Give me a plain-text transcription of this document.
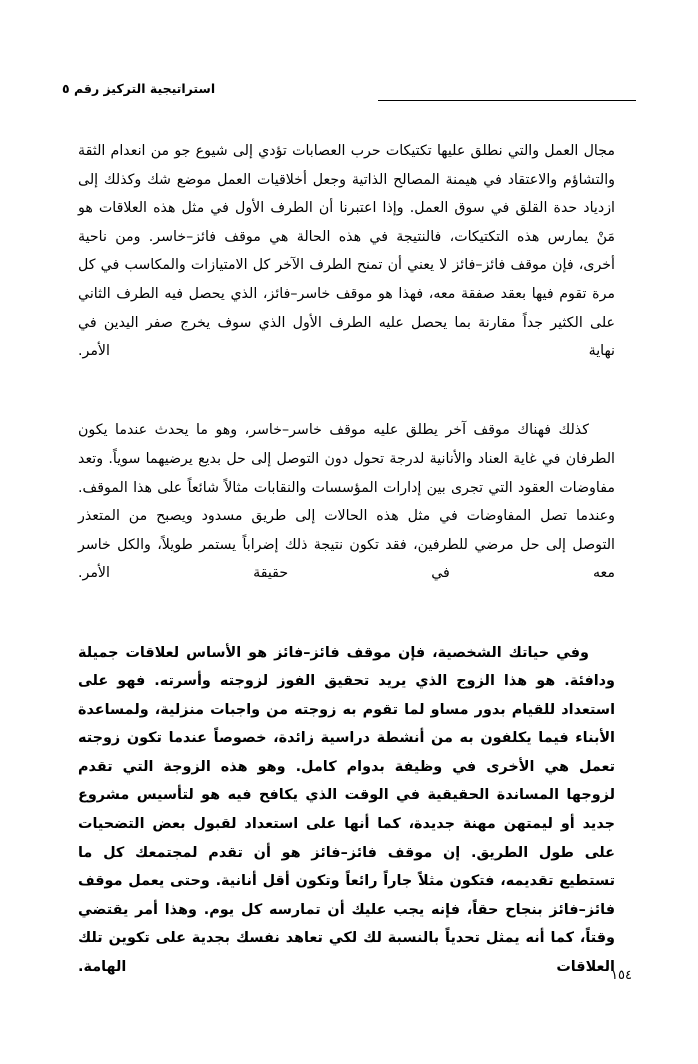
استراتيجية التركيز رقم ٥

مجال العمل والتي نطلق عليها تكتيكات حرب العصابات تؤدي إلى شيوع جو من انعدام الثقة والتشاؤم والاعتقاد في هيمنة المصالح الذاتية وجعل أخلاقيات العمل موضع شك وكذلك إلى ازدياد حدة القلق في سوق العمل. وإذا اعتبرنا أن الطرف الأول في مثل هذه العلاقات هو مَنْ يمارس هذه التكتيكات، فالنتيجة في هذه الحالة هي موقف فائز–خاسر. ومن ناحية أخرى، فإن موقف فائز–فائز لا يعني أن تمنح الطرف الآخر كل الامتيازات والمكاسب في كل مرة تقوم فيها بعقد صفقة معه، فهذا هو موقف خاسر–فائز، الذي يحصل فيه الطرف الثاني على الكثير جداً مقارنة بما يحصل عليه الطرف الأول الذي سوف يخرج صفر اليدين في نهاية الأمر.

كذلك فهناك موقف آخر يطلق عليه موقف خاسر–خاسر، وهو ما يحدث عندما يكون الطرفان في غاية العناد والأنانية لدرجة تحول دون التوصل إلى حل بديع يرضيهما سوياً. وتعد مفاوضات العقود التي تجرى بين إدارات المؤسسات والنقابات مثالاً شائعاً على هذا الموقف. وعندما تصل المفاوضات في مثل هذه الحالات إلى طريق مسدود ويصبح من المتعذر التوصل إلى حل مرضي للطرفين، فقد تكون نتيجة ذلك إضراباً يستمر طويلاً، والكل خاسر معه في حقيقة الأمر.

وفي حياتك الشخصية، فإن موقف فائز–فائز هو الأساس لعلاقات جميلة ودافئة. هو هذا الزوج الذي يريد تحقيق الفوز لزوجته وأسرته. فهو على استعداد للقيام بدور مساو لما تقوم به زوجته من واجبات منزلية، ولمساعدة الأبناء فيما يكلفون به من أنشطة دراسية زائدة، خصوصاً عندما تكون زوجته تعمل هي الأخرى في وظيفة بدوام كامل. وهو هذه الزوجة التي تقدم لزوجها المساندة الحقيقية في الوقت الذي يكافح فيه هو لتأسيس مشروع جديد أو ليمتهن مهنة جديدة، كما أنها على استعداد لقبول بعض التضحيات على طول الطريق. إن موقف فائز–فائز هو أن تقدم لمجتمعك كل ما تستطيع تقديمه، فتكون مثلاً جاراً رائعاً وتكون أقل أنانية. وحتى يعمل موقف فائز–فائز بنجاح حقاً، فإنه يجب عليك أن تمارسه كل يوم. وهذا أمر يقتضي وقتاً، كما أنه يمثل تحدياً بالنسبة لك لكي تعاهد نفسك بجدية على تكوين تلك العلاقات الهامة.

١٥٤
